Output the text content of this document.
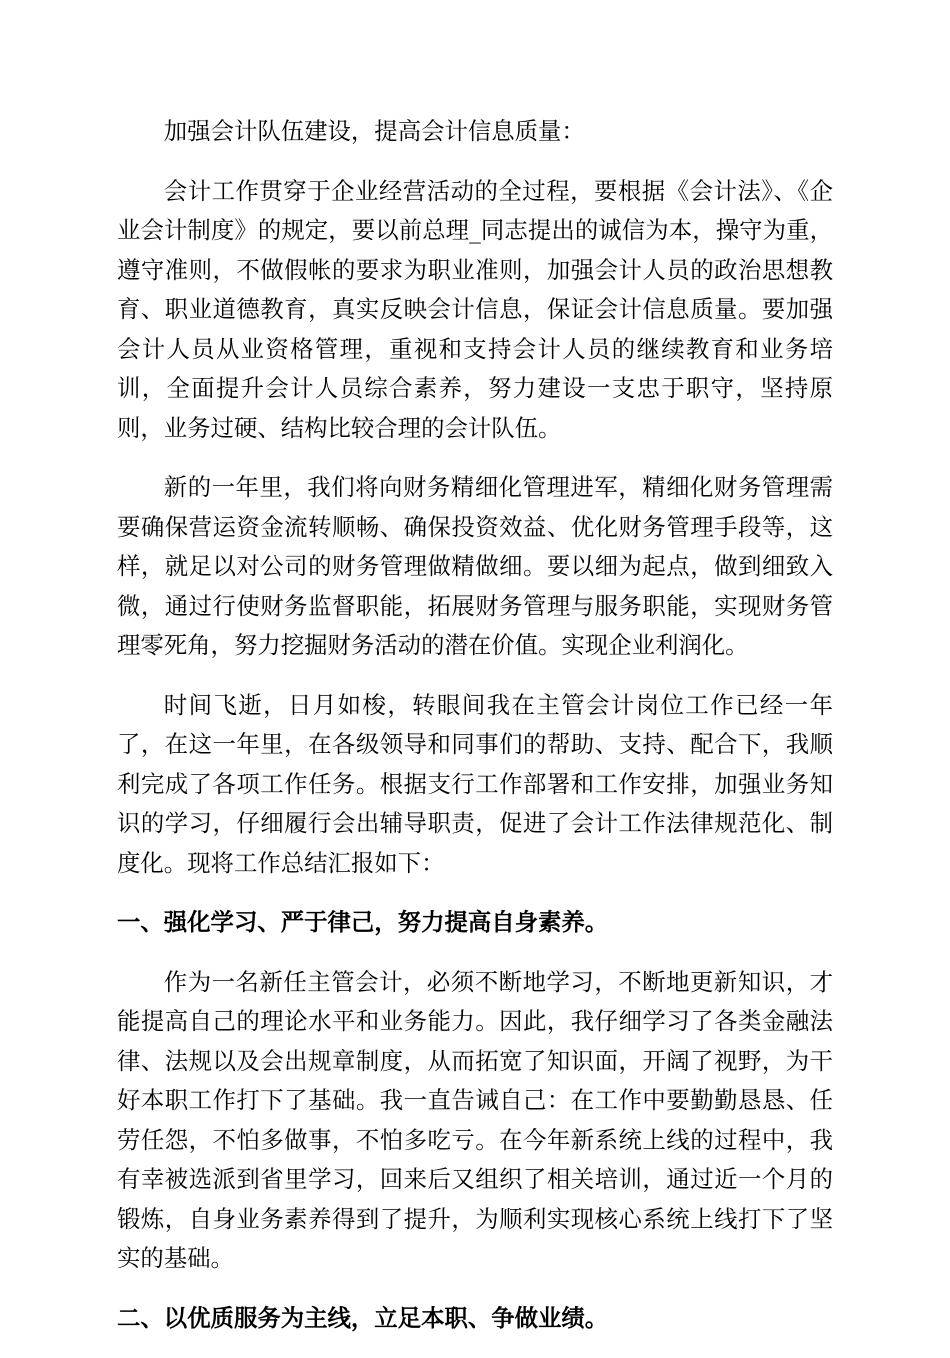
加强会计队伍建设，提高会计信息质量：

会计工作贯穿于企业经营活动的全过程，要根据《会计法》、《企业会计制度》的规定，要以前总理_同志提出的诚信为本，操守为重，遵守准则，不做假帐的要求为职业准则，加强会计人员的政治思想教育、职业道德教育，真实反映会计信息，保证会计信息质量。要加强会计人员从业资格管理，重视和支持会计人员的继续教育和业务培训，全面提升会计人员综合素养，努力建设一支忠于职守，坚持原则，业务过硬、结构比较合理的会计队伍。

新的一年里，我们将向财务精细化管理进军，精细化财务管理需要确保营运资金流转顺畅、确保投资效益、优化财务管理手段等，这样，就足以对公司的财务管理做精做细。要以细为起点，做到细致入微，通过行使财务监督职能，拓展财务管理与服务职能，实现财务管理零死角，努力挖掘财务活动的潜在价值。实现企业利润化。

时间飞逝，日月如梭，转眼间我在主管会计岗位工作已经一年了，在这一年里，在各级领导和同事们的帮助、支持、配合下，我顺利完成了各项工作任务。根据支行工作部署和工作安排，加强业务知识的学习，仔细履行会出辅导职责，促进了会计工作法律规范化、制度化。现将工作总结汇报如下：

一、强化学习、严于律己，努力提高自身素养。

作为一名新任主管会计，必须不断地学习，不断地更新知识，才能提高自己的理论水平和业务能力。因此，我仔细学习了各类金融法律、法规以及会出规章制度，从而拓宽了知识面，开阔了视野，为干好本职工作打下了基础。我一直告诫自己：在工作中要勤勤恳恳、任劳任怨，不怕多做事，不怕多吃亏。在今年新系统上线的过程中，我有幸被选派到省里学习，回来后又组织了相关培训，通过近一个月的锻炼，自身业务素养得到了提升，为顺利实现核心系统上线打下了坚实的基础。

二、以优质服务为主线，立足本职、争做业绩。
